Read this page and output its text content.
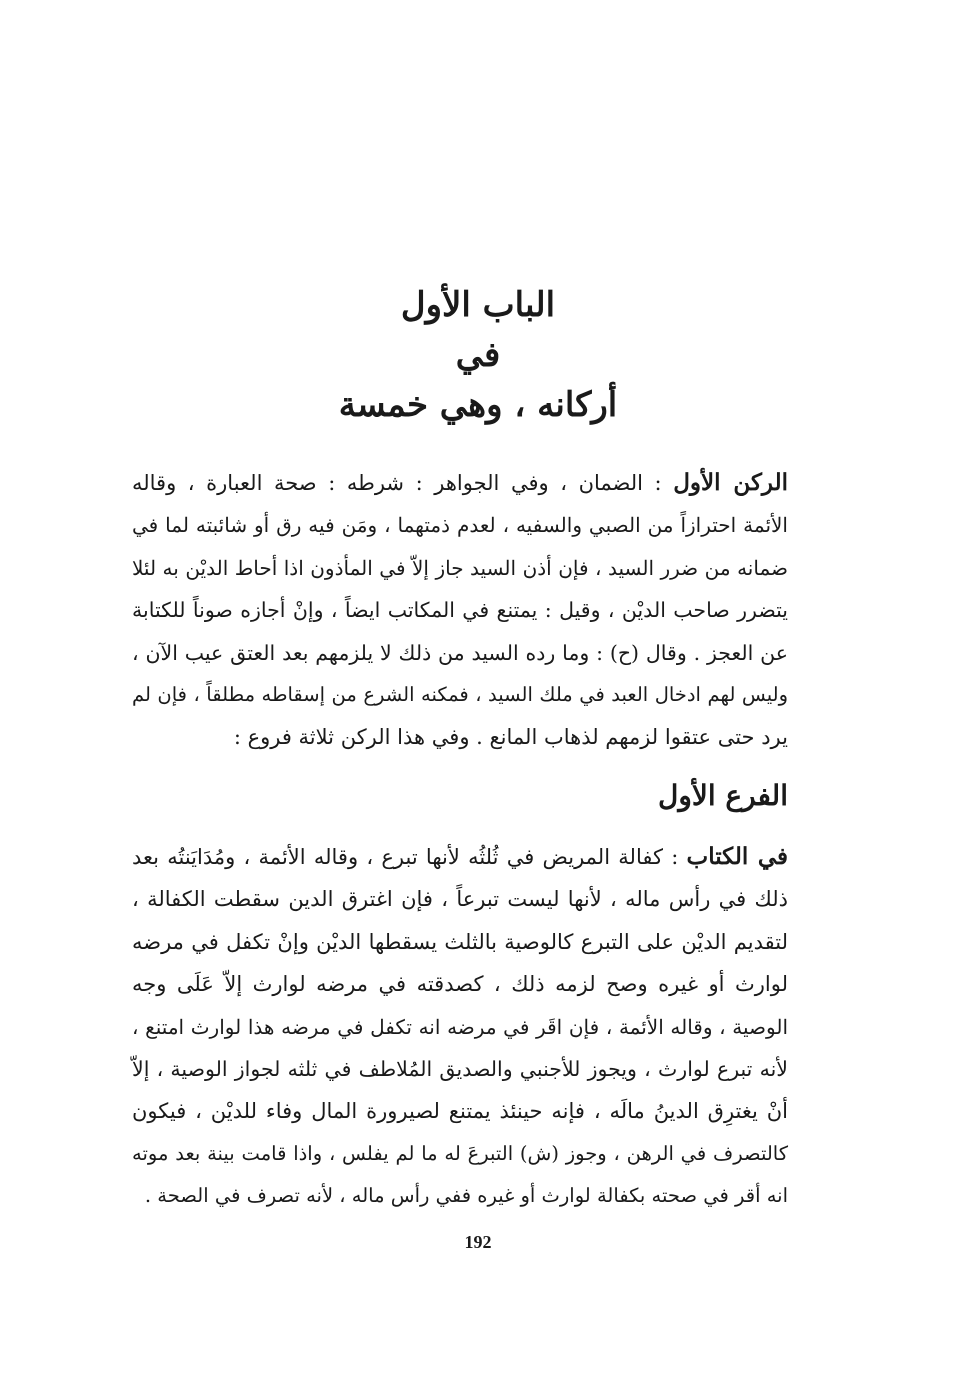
الباب الأول
في
أركانه ، وهي خمسة
الركن الأول : الضمان ، وفي الجواهر : شرطه : صحة العبارة ، وقاله
الأئمة احترازاً من الصبي والسفيه ، لعدم ذمتهما ، ومَن فيه رق أو شائبته لما في
ضمانه من ضرر السيد ، فإن أذن السيد جاز إلاّ في المأذون اذا أحاط الديْن به لئلا
يتضرر صاحب الديْن ، وقيل : يمتنع في المكاتب ايضاً ، وإنْ أجازه صوناً للكتابة
عن العجز . وقال (ح) : وما رده السيد من ذلك لا يلزمهم بعد العتق عيب الآن ،
وليس لهم ادخال العبد في ملك السيد ، فمكنه الشرع من إسقاطه مطلقاً ، فإن لم
يرد حتى عتقوا لزمهم لذهاب المانع . وفي هذا الركن ثلاثة فروع :
الفرع الأول
في الكتاب : كفالة المريض في ثُلثُه لأنها تبرع ، وقاله الأئمة ، ومُدَايَنتُه بعد
ذلك في رأس ماله ، لأنها ليست تبرعاً ، فإن اغترق الدين سقطت الكفالة ،
لتقديم الديْن على التبرع كالوصية بالثلث يسقطها الديْن وإنْ تكفل في مرضه
لوارث أو غيره وصح لزمه ذلك ، كصدقته في مرضه لوارث إلاّ عَلَى وجه
الوصية ، وقاله الأئمة ، فإن اقَر في مرضه انه تكفل في مرضه هذا لوارث امتنع ،
لأنه تبرع لوارث ، ويجوز للأجنبي والصديق المُلاطف في ثلثه لجواز الوصية ، إلاّ
أنْ يغترِق الدينُ مالَه ، فإنه حينئذ يمتنع لصيرورة المال وفاء للديْن ، فيكون
كالتصرف في الرهن ، وجوز (ش) التبرعَ له ما لم يفلس ، واذا قامت بينة بعد موته
انه أقر في صحته بكفالة لوارث أو غيره ففي رأس ماله ، لأنه تصرف في الصحة .
192
